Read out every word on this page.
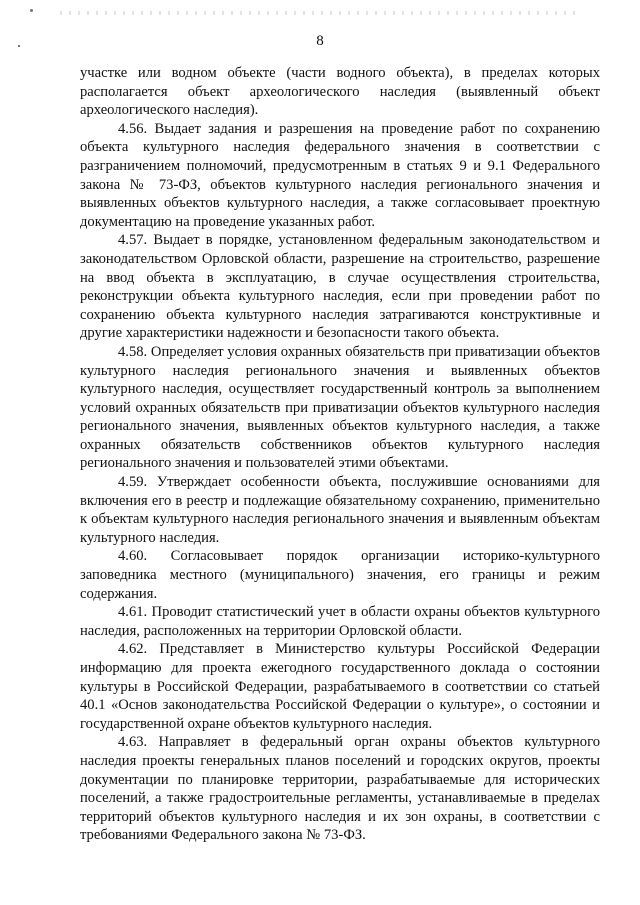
8

участке или водном объекте (части водного объекта), в пределах которых располагается объект археологического наследия (выявленный объект археологического наследия).

4.56. Выдает задания и разрешения на проведение работ по сохранению объекта культурного наследия федерального значения в соответствии с разграничением полномочий, предусмотренным в статьях 9 и 9.1 Федерального закона № 73-ФЗ, объектов культурного наследия регионального значения и выявленных объектов культурного наследия, а также согласовывает проектную документацию на проведение указанных работ.

4.57. Выдает в порядке, установленном федеральным законодательством и законодательством Орловской области, разрешение на строительство, разрешение на ввод объекта в эксплуатацию, в случае осуществления строительства, реконструкции объекта культурного наследия, если при проведении работ по сохранению объекта культурного наследия затрагиваются конструктивные и другие характеристики надежности и безопасности такого объекта.

4.58. Определяет условия охранных обязательств при приватизации объектов культурного наследия регионального значения и выявленных объектов культурного наследия, осуществляет государственный контроль за выполнением условий охранных обязательств при приватизации объектов культурного наследия регионального значения, выявленных объектов культурного наследия, а также охранных обязательств собственников объектов культурного наследия регионального значения и пользователей этими объектами.

4.59. Утверждает особенности объекта, послужившие основаниями для включения его в реестр и подлежащие обязательному сохранению, применительно к объектам культурного наследия регионального значения и выявленным объектам культурного наследия.

4.60. Согласовывает порядок организации историко-культурного заповедника местного (муниципального) значения, его границы и режим содержания.

4.61. Проводит статистический учет в области охраны объектов культурного наследия, расположенных на территории Орловской области.

4.62. Представляет в Министерство культуры Российской Федерации информацию для проекта ежегодного государственного доклада о состоянии культуры в Российской Федерации, разрабатываемого в соответствии со статьей 40.1 «Основ законодательства Российской Федерации о культуре», о состоянии и государственной охране объектов культурного наследия.

4.63. Направляет в федеральный орган охраны объектов культурного наследия проекты генеральных планов поселений и городских округов, проекты документации по планировке территории, разрабатываемые для исторических поселений, а также градостроительные регламенты, устанавливаемые в пределах территорий объектов культурного наследия и их зон охраны, в соответствии с требованиями Федерального закона № 73-ФЗ.
